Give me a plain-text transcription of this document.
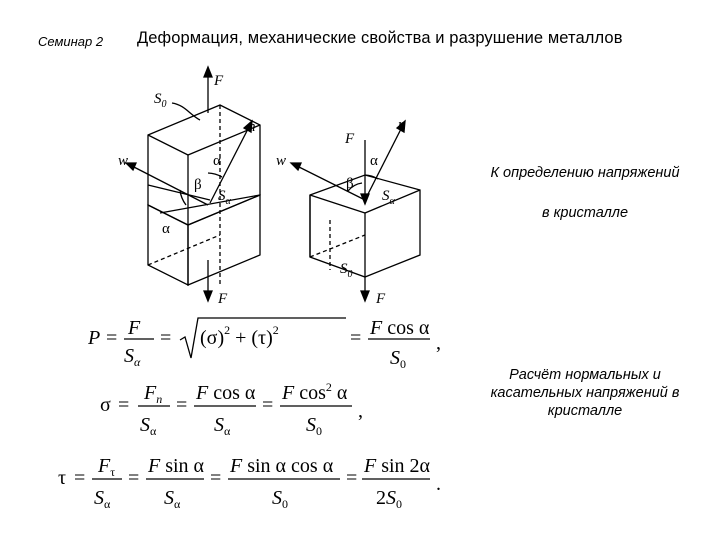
Семинар 2 Деформация, механические свойства и разрушение металлов
F
F
$S_0$
n
w	α
β
$S_\alpha$
α
F
n
w	α
β
$S_\alpha$
$S_0$
F
К определению напряжений
в кристалле
Расчёт нормальных и
касательных напряжений в
кристалле
P = F
$S_\alpha$
= $(\sigma)^2 + (\tau)^2$	= F cos α
$S_0$
,
σ =
$F_n$
$S_\alpha$
=
F cos α
$S_\alpha$
=
F $\cos^2 \alpha$
$S_0$
,
τ =
$F_\tau$
$S_\alpha$
=
F sin α
$S_\alpha$
=
F sin α cos α
$S_0$
=
F sin 2α
$2S_0$
.
